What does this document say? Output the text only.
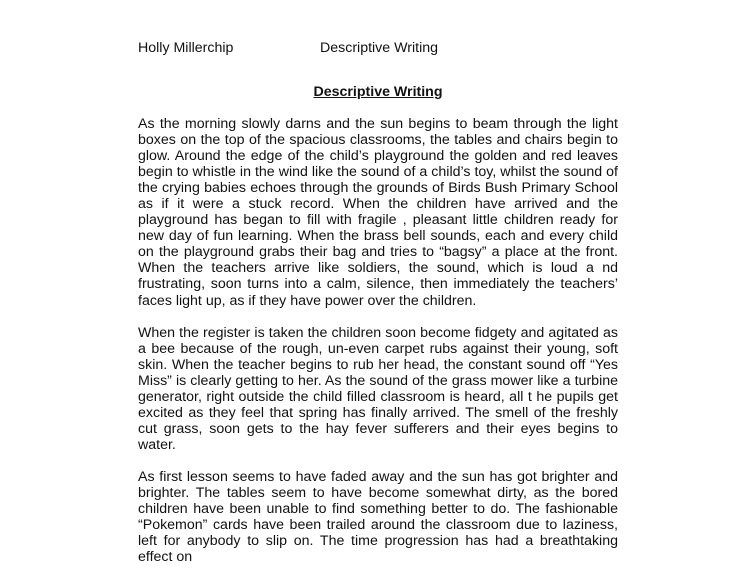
Holly Millerchip	Descriptive Writing
Descriptive Writing

As the morning slowly darns and the sun begins to beam through the light boxes on the top of the spacious classrooms, the tables and chairs begin to glow. Around the edge of the child’s playground the golden and red leaves begin to whistle in the wind like the sound of a child’s toy, whilst the sound of the crying babies echoes through the grounds of Birds Bush Primary School as if it were a stuck record. When the children have arrived and the playground has began to fill with fragile , pleasant little children ready for new day of fun learning. When the brass bell sounds, each and every child on the playground grabs their bag and tries to “bagsy” a place at the front. When the teachers arrive like soldiers, the sound, which is loud a nd frustrating, soon turns into a calm, silence, then immediately the teachers’ faces light up, as if they have power over the children.

When the register is taken the children soon become fidgety and agitated as a bee because of the rough, un-even carpet rubs against their young, soft skin. When the teacher begins to rub her head, the constant sound off “Yes Miss” is clearly getting to her. As the sound of the grass mower like a turbine generator, right outside the child filled classroom is heard, all t he pupils get excited as they feel that spring has finally arrived. The smell of the freshly cut grass, soon gets to the hay fever sufferers and their eyes begins to water.

As first lesson seems to have faded away and the sun has got brighter and brighter. The tables seem to have become somewhat dirty, as the bored children have been unable to find something better to do. The fashionable “Pokemon” cards have been trailed around the classroom due to laziness, left for anybody to slip on. The time progression has had a breathtaking effect on
